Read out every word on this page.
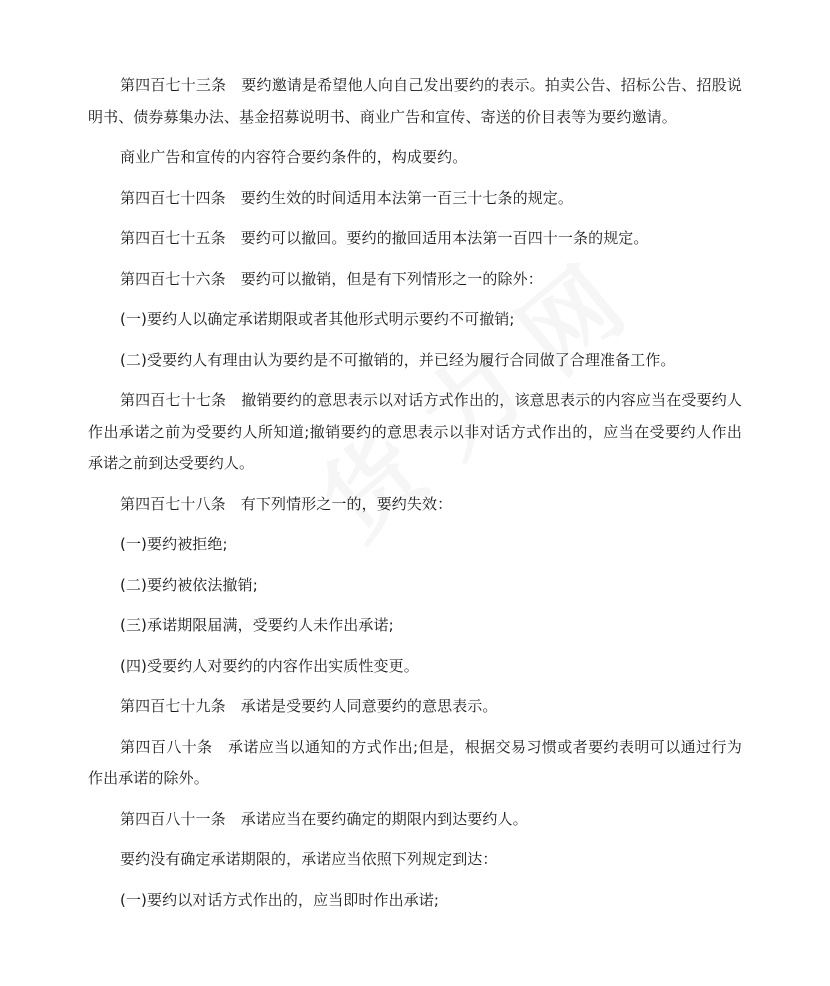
第四百七十三条　要约邀请是希望他人向自己发出要约的表示。拍卖公告、招标公告、招股说明书、债券募集办法、基金招募说明书、商业广告和宣传、寄送的价目表等为要约邀请。

商业广告和宣传的内容符合要约条件的，构成要约。

第四百七十四条　要约生效的时间适用本法第一百三十七条的规定。

第四百七十五条　要约可以撤回。要约的撤回适用本法第一百四十一条的规定。

第四百七十六条　要约可以撤销，但是有下列情形之一的除外：

(一)要约人以确定承诺期限或者其他形式明示要约不可撤销;

(二)受要约人有理由认为要约是不可撤销的，并已经为履行合同做了合理准备工作。

第四百七十七条　撤销要约的意思表示以对话方式作出的，该意思表示的内容应当在受要约人作出承诺之前为受要约人所知道;撤销要约的意思表示以非对话方式作出的，应当在受要约人作出承诺之前到达受要约人。

第四百七十八条　有下列情形之一的，要约失效：

(一)要约被拒绝;

(二)要约被依法撤销;

(三)承诺期限届满，受要约人未作出承诺;

(四)受要约人对要约的内容作出实质性变更。

第四百七十九条　承诺是受要约人同意要约的意思表示。

第四百八十条　承诺应当以通知的方式作出;但是，根据交易习惯或者要约表明可以通过行为作出承诺的除外。

第四百八十一条　承诺应当在要约确定的期限内到达要约人。

要约没有确定承诺期限的，承诺应当依照下列规定到达：

(一)要约以对话方式作出的，应当即时作出承诺;
